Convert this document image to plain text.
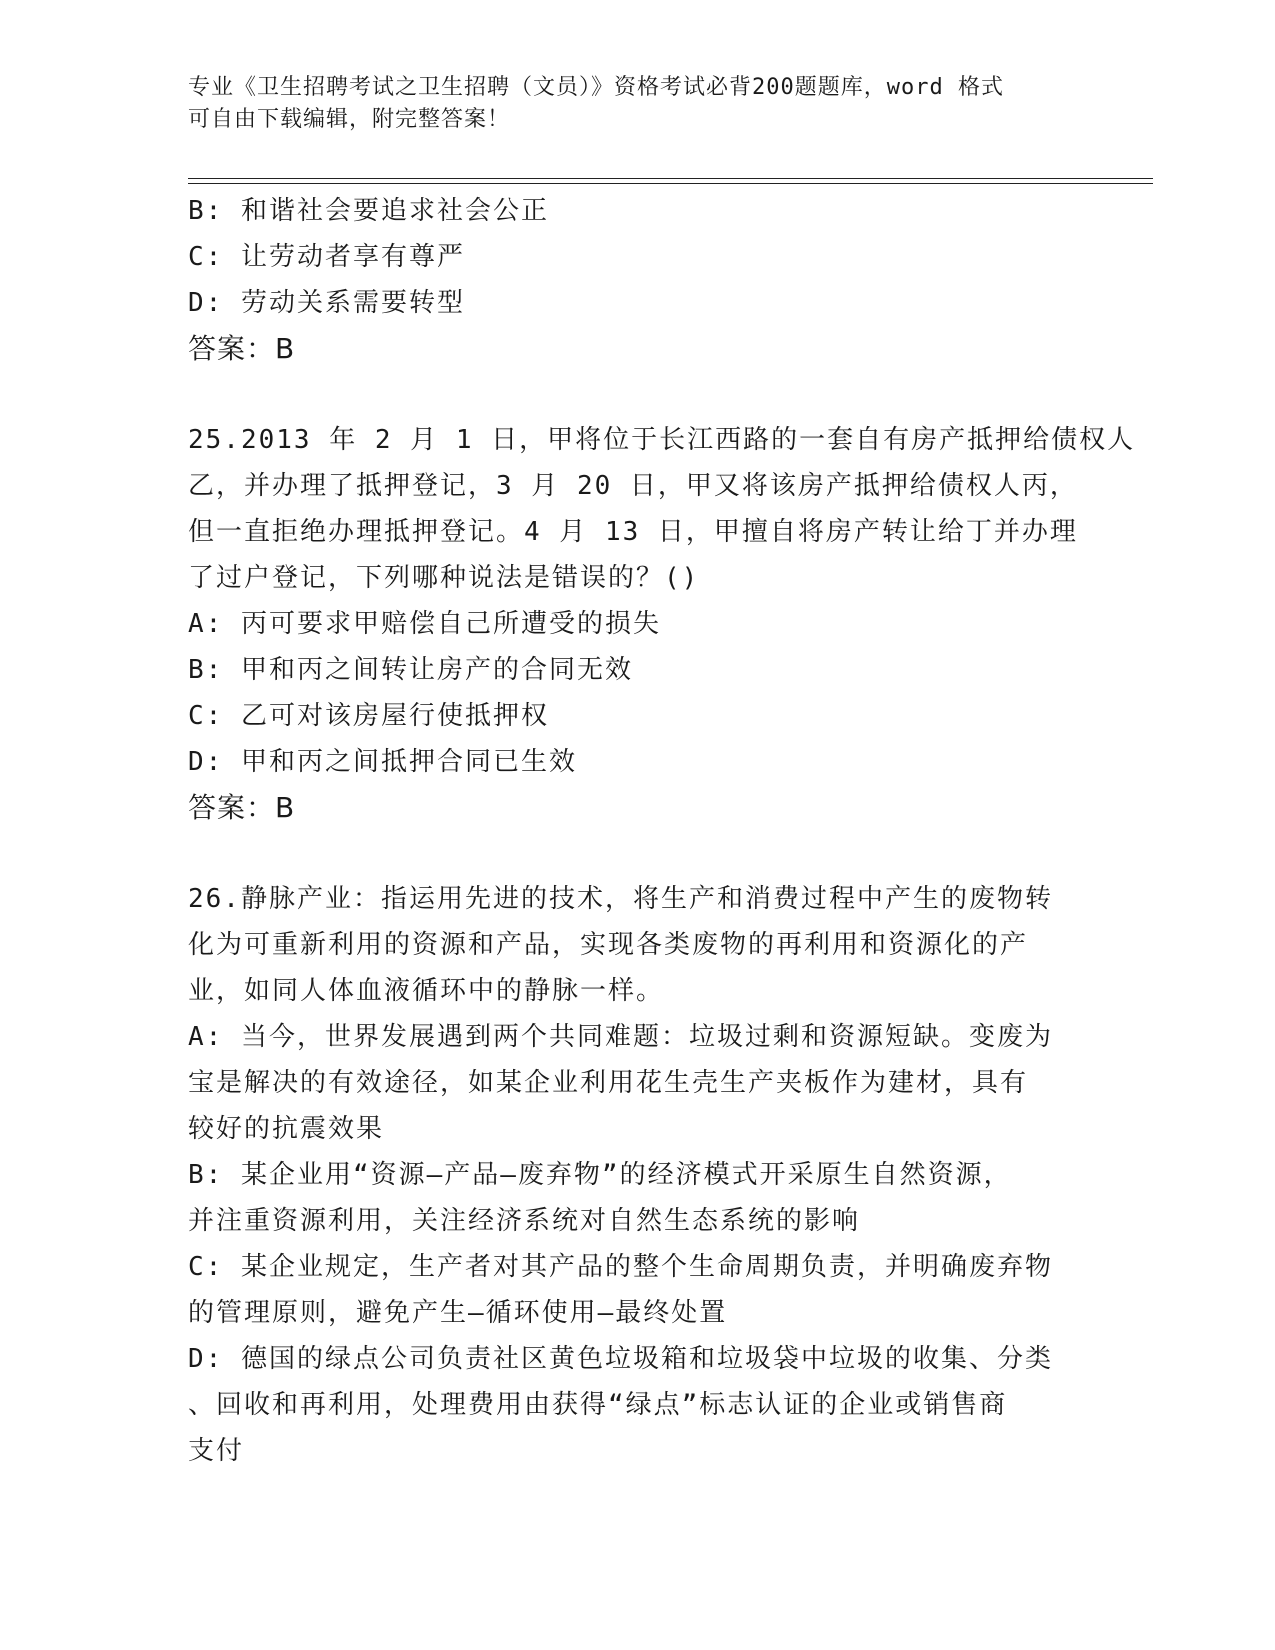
专业《卫生招聘考试之卫生招聘（文员）》资格考试必背200题题库，word 格式
可自由下载编辑，附完整答案！
B: 和谐社会要追求社会公正
C: 让劳动者享有尊严
D: 劳动关系需要转型
答案：B
25.2013 年 2 月 1 日，甲将位于长江西路的一套自有房产抵押给债权人
乙，并办理了抵押登记，3 月 20 日，甲又将该房产抵押给债权人丙，
但一直拒绝办理抵押登记。4 月 13 日，甲擅自将房产转让给丁并办理
了过户登记，下列哪种说法是错误的？()
A: 丙可要求甲赔偿自己所遭受的损失
B: 甲和丙之间转让房产的合同无效
C: 乙可对该房屋行使抵押权
D: 甲和丙之间抵押合同已生效
答案：B
26.静脉产业：指运用先进的技术，将生产和消费过程中产生的废物转
化为可重新利用的资源和产品，实现各类废物的再利用和资源化的产
业，如同人体血液循环中的静脉一样。
A: 当今，世界发展遇到两个共同难题：垃圾过剩和资源短缺。变废为
宝是解决的有效途径，如某企业利用花生壳生产夹板作为建材，具有
较好的抗震效果
B: 某企业用“资源—产品—废弃物”的经济模式开采原生自然资源，
并注重资源利用，关注经济系统对自然生态系统的影响
C: 某企业规定，生产者对其产品的整个生命周期负责，并明确废弃物
的管理原则，避免产生—循环使用—最终处置
D: 德国的绿点公司负责社区黄色垃圾箱和垃圾袋中垃圾的收集、分类
、回收和再利用，处理费用由获得“绿点”标志认证的企业或销售商
支付
